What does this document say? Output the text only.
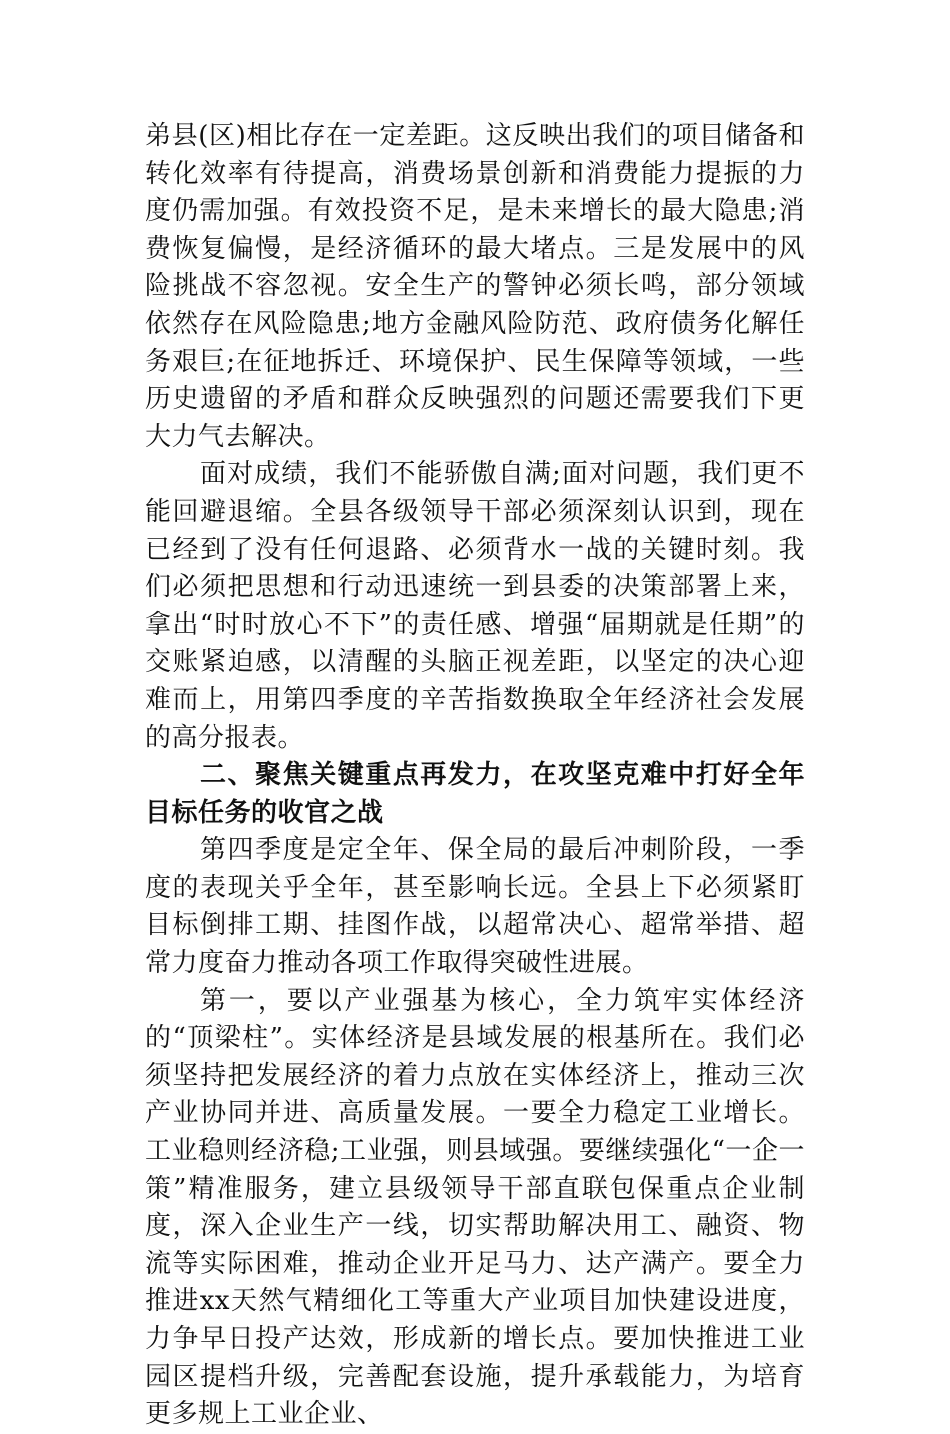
弟县(区)相比存在一定差距。这反映出我们的项目储备和转化效率有待提高，消费场景创新和消费能力提振的力度仍需加强。有效投资不足，是未来增长的最大隐患;消费恢复偏慢，是经济循环的最大堵点。三是发展中的风险挑战不容忽视。安全生产的警钟必须长鸣，部分领域依然存在风险隐患;地方金融风险防范、政府债务化解任务艰巨;在征地拆迁、环境保护、民生保障等领域，一些历史遗留的矛盾和群众反映强烈的问题还需要我们下更大力气去解决。

面对成绩，我们不能骄傲自满;面对问题，我们更不能回避退缩。全县各级领导干部必须深刻认识到，现在已经到了没有任何退路、必须背水一战的关键时刻。我们必须把思想和行动迅速统一到县委的决策部署上来，拿出“时时放心不下”的责任感、增强“届期就是任期”的交账紧迫感，以清醒的头脑正视差距，以坚定的决心迎难而上，用第四季度的辛苦指数换取全年经济社会发展的高分报表。

二、聚焦关键重点再发力，在攻坚克难中打好全年目标任务的收官之战

第四季度是定全年、保全局的最后冲刺阶段，一季度的表现关乎全年，甚至影响长远。全县上下必须紧盯目标倒排工期、挂图作战，以超常决心、超常举措、超常力度奋力推动各项工作取得突破性进展。

第一，要以产业强基为核心，全力筑牢实体经济的“顶梁柱”。实体经济是县域发展的根基所在。我们必须坚持把发展经济的着力点放在实体经济上，推动三次产业协同并进、高质量发展。一要全力稳定工业增长。工业稳则经济稳;工业强，则县域强。要继续强化“一企一策”精准服务，建立县级领导干部直联包保重点企业制度，深入企业生产一线，切实帮助解决用工、融资、物流等实际困难，推动企业开足马力、达产满产。要全力推进xx天然气精细化工等重大产业项目加快建设进度，力争早日投产达效，形成新的增长点。要加快推进工业园区提档升级，完善配套设施，提升承载能力，为培育更多规上工业企业、
